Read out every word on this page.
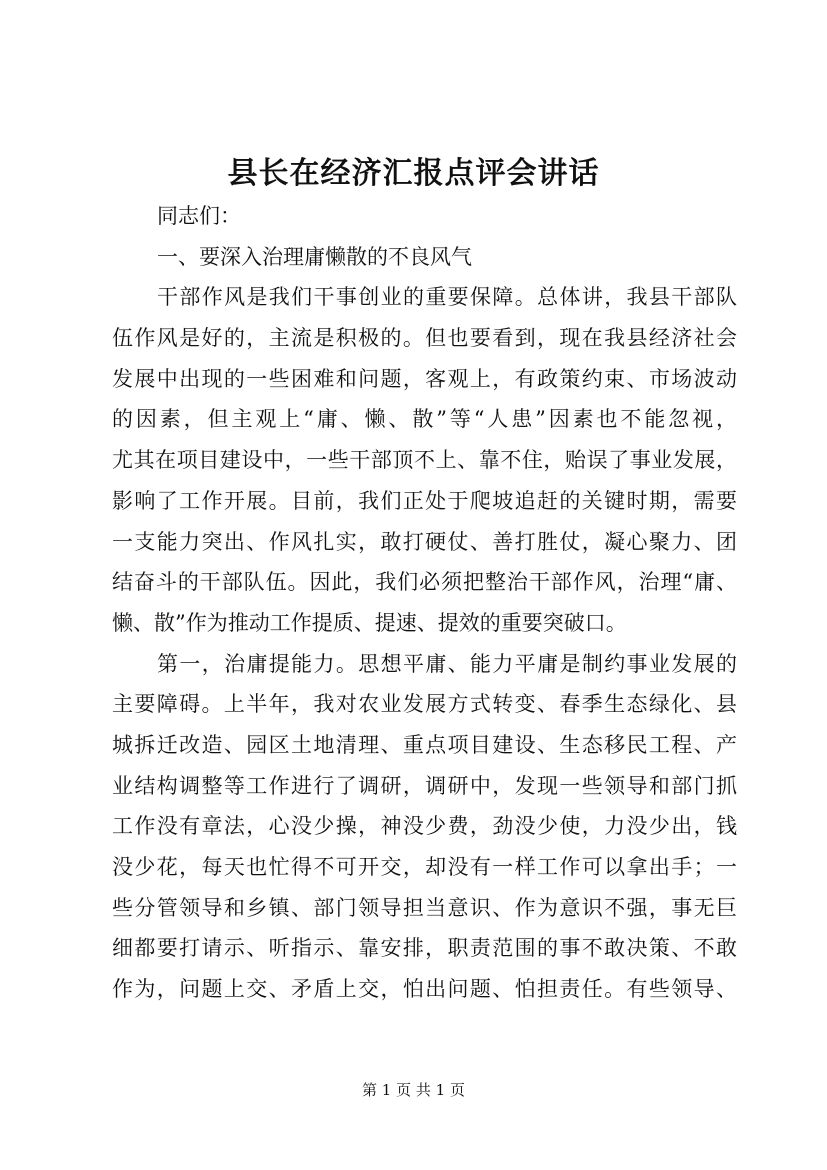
县长在经济汇报点评会讲话
同志们：
一、要深入治理庸懒散的不良风气
干部作风是我们干事创业的重要保障。总体讲，我县干部队
伍作风是好的，主流是积极的。但也要看到，现在我县经济社会
发展中出现的一些困难和问题，客观上，有政策约束、市场波动
的因素，但主观上“庸、懒、散”等“人患”因素也不能忽视，
尤其在项目建设中，一些干部顶不上、靠不住，贻误了事业发展，
影响了工作开展。目前，我们正处于爬坡追赶的关键时期，需要
一支能力突出、作风扎实，敢打硬仗、善打胜仗，凝心聚力、团
结奋斗的干部队伍。因此，我们必须把整治干部作风，治理“庸、
懒、散”作为推动工作提质、提速、提效的重要突破口。
第一，治庸提能力。思想平庸、能力平庸是制约事业发展的
主要障碍。上半年，我对农业发展方式转变、春季生态绿化、县
城拆迁改造、园区土地清理、重点项目建设、生态移民工程、产
业结构调整等工作进行了调研，调研中，发现一些领导和部门抓
工作没有章法，心没少操，神没少费，劲没少使，力没少出，钱
没少花，每天也忙得不可开交，却没有一样工作可以拿出手；一
些分管领导和乡镇、部门领导担当意识、作为意识不强，事无巨
细都要打请示、听指示、靠安排，职责范围的事不敢决策、不敢
作为，问题上交、矛盾上交，怕出问题、怕担责任。有些领导、
第 1 页 共 1 页
